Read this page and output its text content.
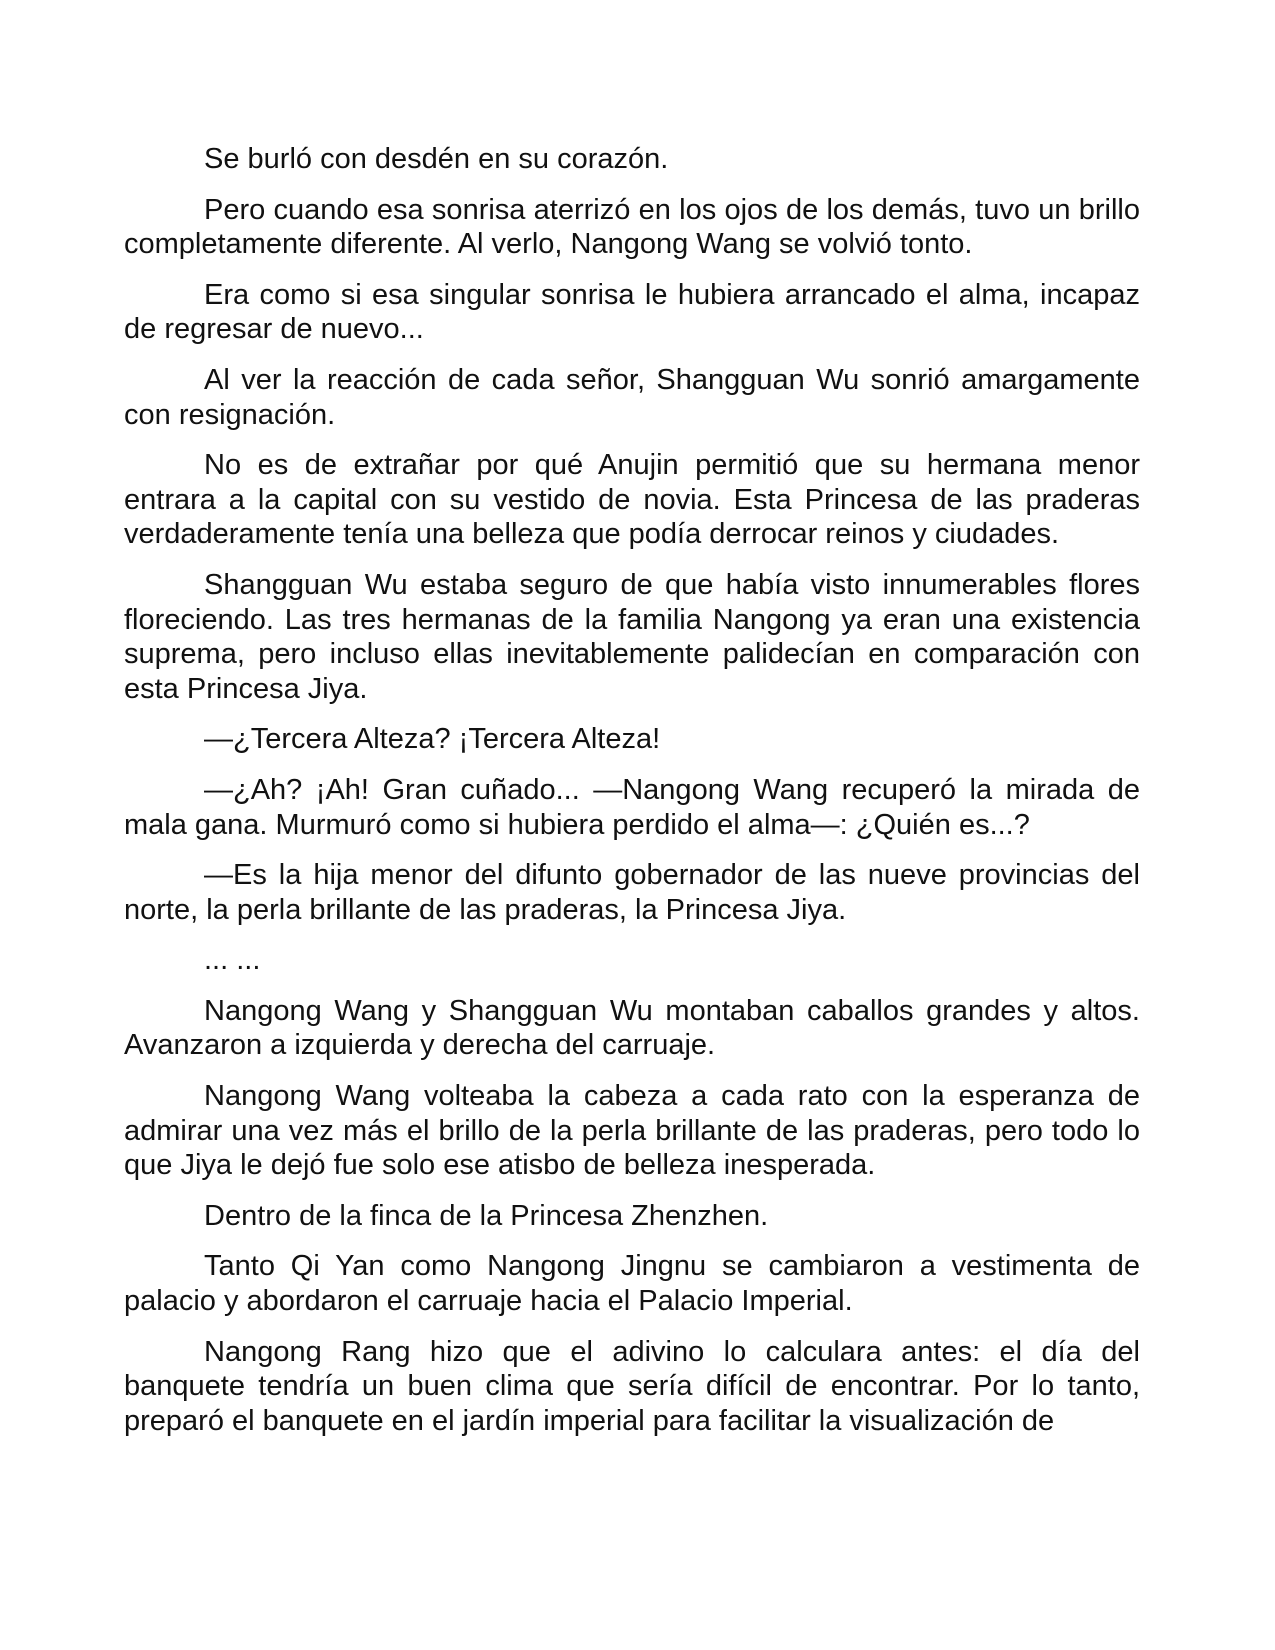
Se burló con desdén en su corazón.

Pero cuando esa sonrisa aterrizó en los ojos de los demás, tuvo un brillo completamente diferente. Al verlo, Nangong Wang se volvió tonto.

Era como si esa singular sonrisa le hubiera arrancado el alma, incapaz de regresar de nuevo...

Al ver la reacción de cada señor, Shangguan Wu sonrió amargamente con resignación.

No es de extrañar por qué Anujin permitió que su hermana menor entrara a la capital con su vestido de novia. Esta Princesa de las praderas verdaderamente tenía una belleza que podía derrocar reinos y ciudades.

Shangguan Wu estaba seguro de que había visto innumerables flores floreciendo. Las tres hermanas de la familia Nangong ya eran una existencia suprema, pero incluso ellas inevitablemente palidecían en comparación con esta Princesa Jiya.

—¿Tercera Alteza? ¡Tercera Alteza!

—¿Ah? ¡Ah! Gran cuñado... —Nangong Wang recuperó la mirada de mala gana. Murmuró como si hubiera perdido el alma—: ¿Quién es...?

—Es la hija menor del difunto gobernador de las nueve provincias del norte, la perla brillante de las praderas, la Princesa Jiya.

... ...

Nangong Wang y Shangguan Wu montaban caballos grandes y altos. Avanzaron a izquierda y derecha del carruaje.

Nangong Wang volteaba la cabeza a cada rato con la esperanza de admirar una vez más el brillo de la perla brillante de las praderas, pero todo lo que Jiya le dejó fue solo ese atisbo de belleza inesperada.

Dentro de la finca de la Princesa Zhenzhen.

Tanto Qi Yan como Nangong Jingnu se cambiaron a vestimenta de palacio y abordaron el carruaje hacia el Palacio Imperial.

Nangong Rang hizo que el adivino lo calculara antes: el día del banquete tendría un buen clima que sería difícil de encontrar. Por lo tanto, preparó el banquete en el jardín imperial para facilitar la visualización de
